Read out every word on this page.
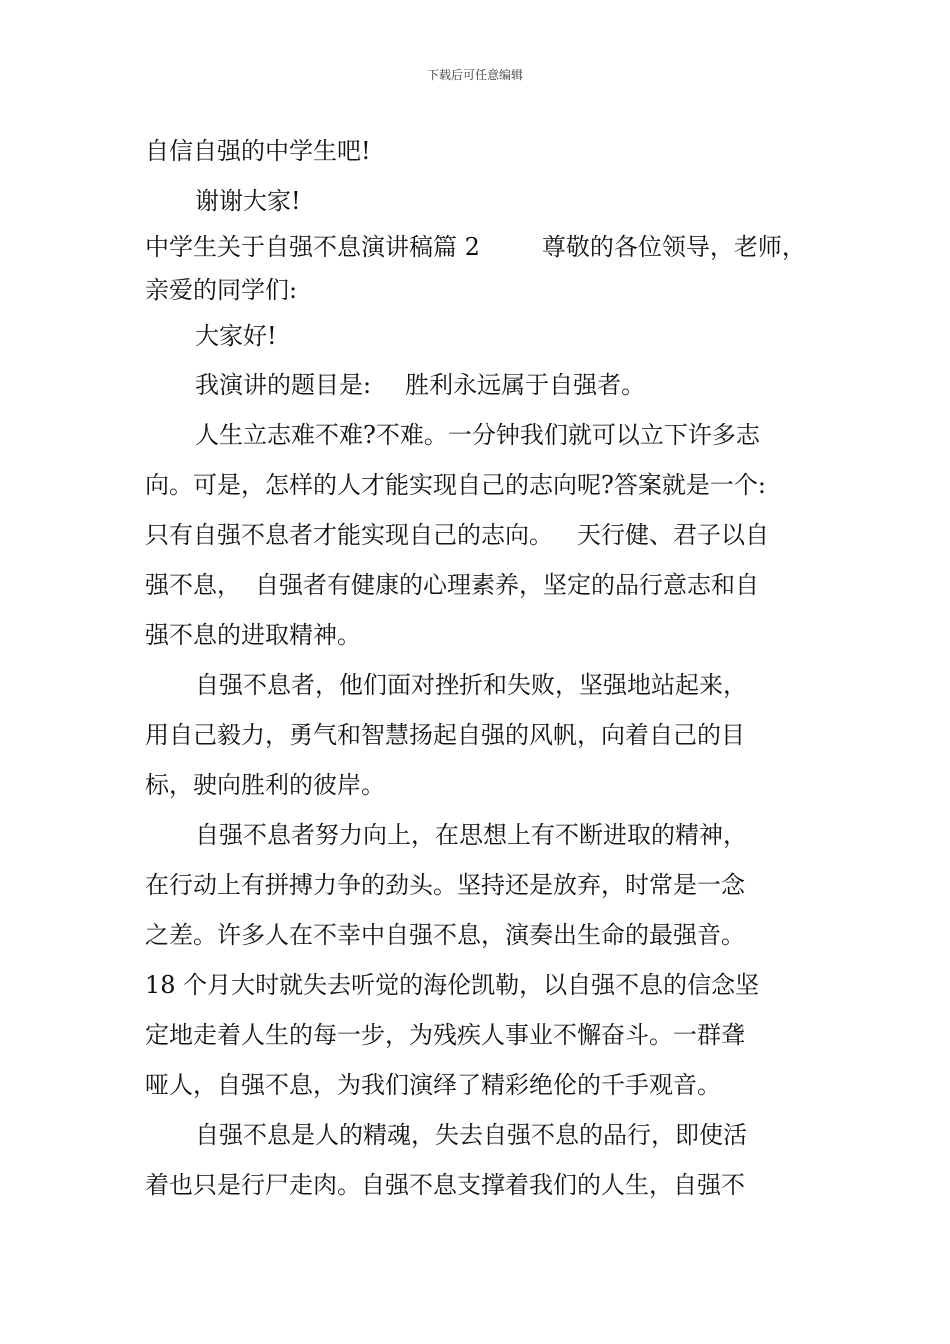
下载后可任意编辑
自信自强的中学生吧!
谢谢大家!
中学生关于自强不息演讲稿篇 2	尊敬的各位领导，老师，
亲爱的同学们:
大家好!
我演讲的题目是: 胜利永远属于自强者。
人生立志难不难?不难。一分钟我们就可以立下许多志
向。可是，怎样的人才能实现自己的志向呢?答案就是一个:
只有自强不息者才能实现自己的志向。 天行健、君子以自
强不息， 自强者有健康的心理素养，坚定的品行意志和自
强不息的进取精神。
自强不息者，他们面对挫折和失败，坚强地站起来，
用自己毅力，勇气和智慧扬起自强的风帆，向着自己的目
标，驶向胜利的彼岸。
自强不息者努力向上，在思想上有不断进取的精神，
在行动上有拼搏力争的劲头。坚持还是放弃，时常是一念
之差。许多人在不幸中自强不息，演奏出生命的最强音。
18 个月大时就失去听觉的海伦凯勒，以自强不息的信念坚
定地走着人生的每一步，为残疾人事业不懈奋斗。一群聋
哑人，自强不息，为我们演绎了精彩绝伦的千手观音。
自强不息是人的精魂，失去自强不息的品行，即使活
着也只是行尸走肉。自强不息支撑着我们的人生，自强不
